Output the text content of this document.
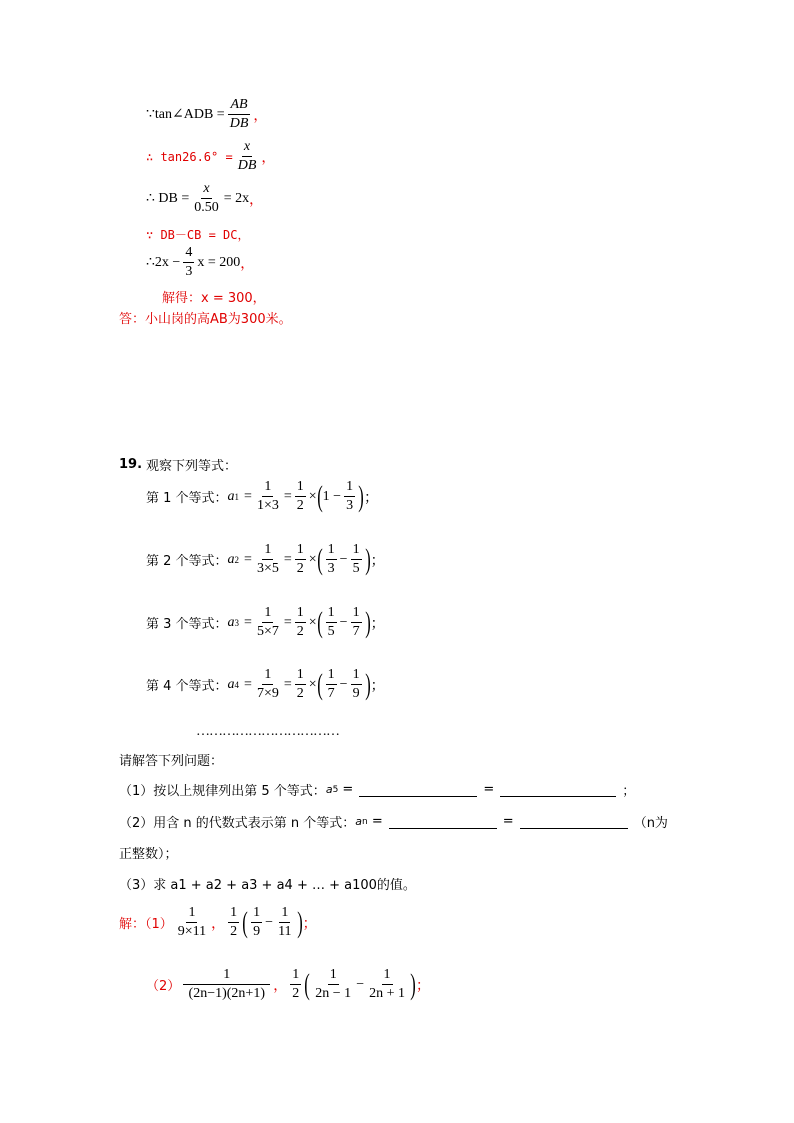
∵tan∠ADB = $\frac{AB}{DB}$ ，
∴ $\tan 26.6^\circ = \frac{x}{DB}$ ，
∴ DB = $\frac{x}{0.50} = 2x$ ，
∵ DB－CB = DC，
∴2x − $\frac{4}{3}$ x = 200 ，
解得：x = 300，
答：小山岗的高AB为300米。
19. 观察下列等式：
第 1 个等式： a $1 = \frac{1}{1\times 3} = \frac{1}{2}$ × ( $1 - \frac{1}{3}$ ) ；
第 2 个等式： a $2 = \frac{1}{3\times 5} = \frac{1}{2}$ × ( $\frac{1}{3} - \frac{1}{5}$ ) ；
第 3 个等式： a $3 = \frac{1}{5\times 7} = \frac{1}{2}$ × ( $\frac{1}{5} - \frac{1}{7}$ ) ；
第 4 个等式： a $4 = \frac{1}{7\times 9} = \frac{1}{2}$ × ( $\frac{1}{7} - \frac{1}{9}$ ) ；
……………………………
请解答下列问题：
（1）按以上规律列出第 5 个等式： a 5 =	=	；
（2）用含 n 的代数式表示第 n 个等式： a n =	=	（n为
正整数）；
（3）求 a1 + a2 + a3 + a4 + … + a100的值。
解：$(1) \frac{1}{9\times 11}$ ， $\frac{1}{2}$ ( $\frac{1}{9} - \frac{1}{11}$ ) ；
$(2) \frac{1}{(2n-1)(2n+1)}$ ， $\frac{1}{2}$ ( $\frac{1}{2n - 1} - \frac{1}{2n + 1}$ ) ；
